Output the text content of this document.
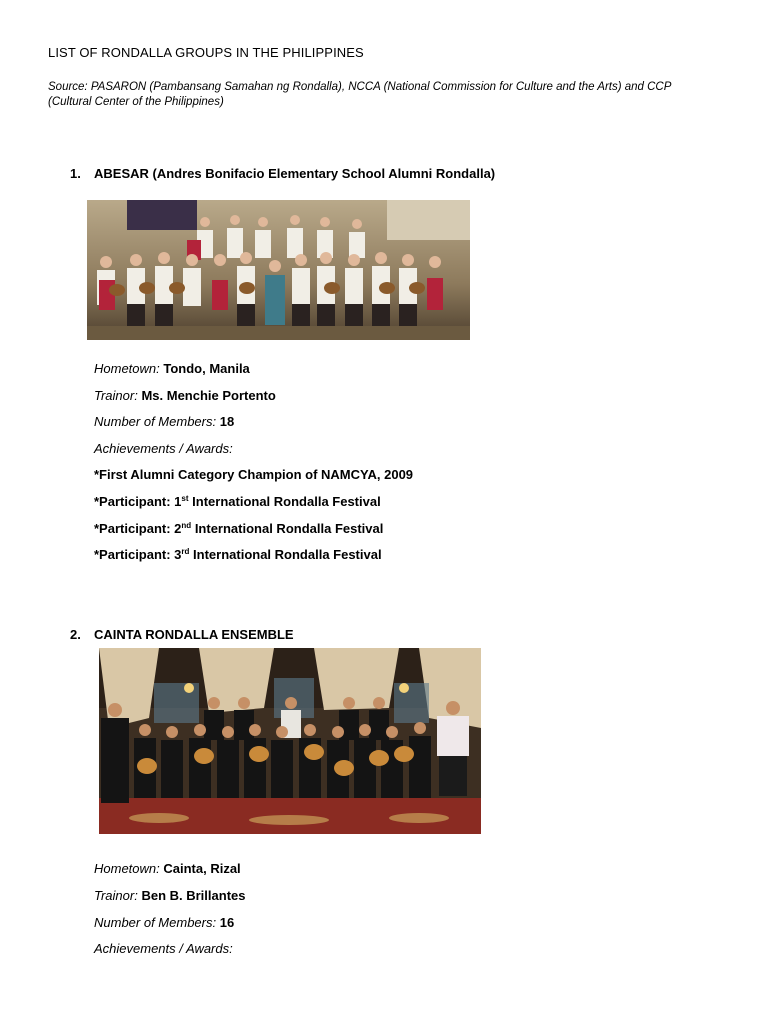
LIST OF RONDALLA GROUPS IN THE PHILIPPINES
Source: PASARON (Pambansang Samahan ng Rondalla), NCCA (National Commission for Culture and the Arts) and CCP
(Cultural Center of the Philippines)
1. ABESAR (Andres Bonifacio Elementary School Alumni Rondalla)
Hometown: Tondo, Manila
Trainor: Ms. Menchie Portento
Number of Members: 18
Achievements / Awards:
*First Alumni Category Champion of NAMCYA, 2009
*Participant: 1st International Rondalla Festival
*Participant: 2nd International Rondalla Festival
*Participant: 3rd International Rondalla Festival
2. CAINTA RONDALLA ENSEMBLE
Hometown: Cainta, Rizal
Trainor: Ben B. Brillantes
Number of Members: 16
Achievements / Awards:
